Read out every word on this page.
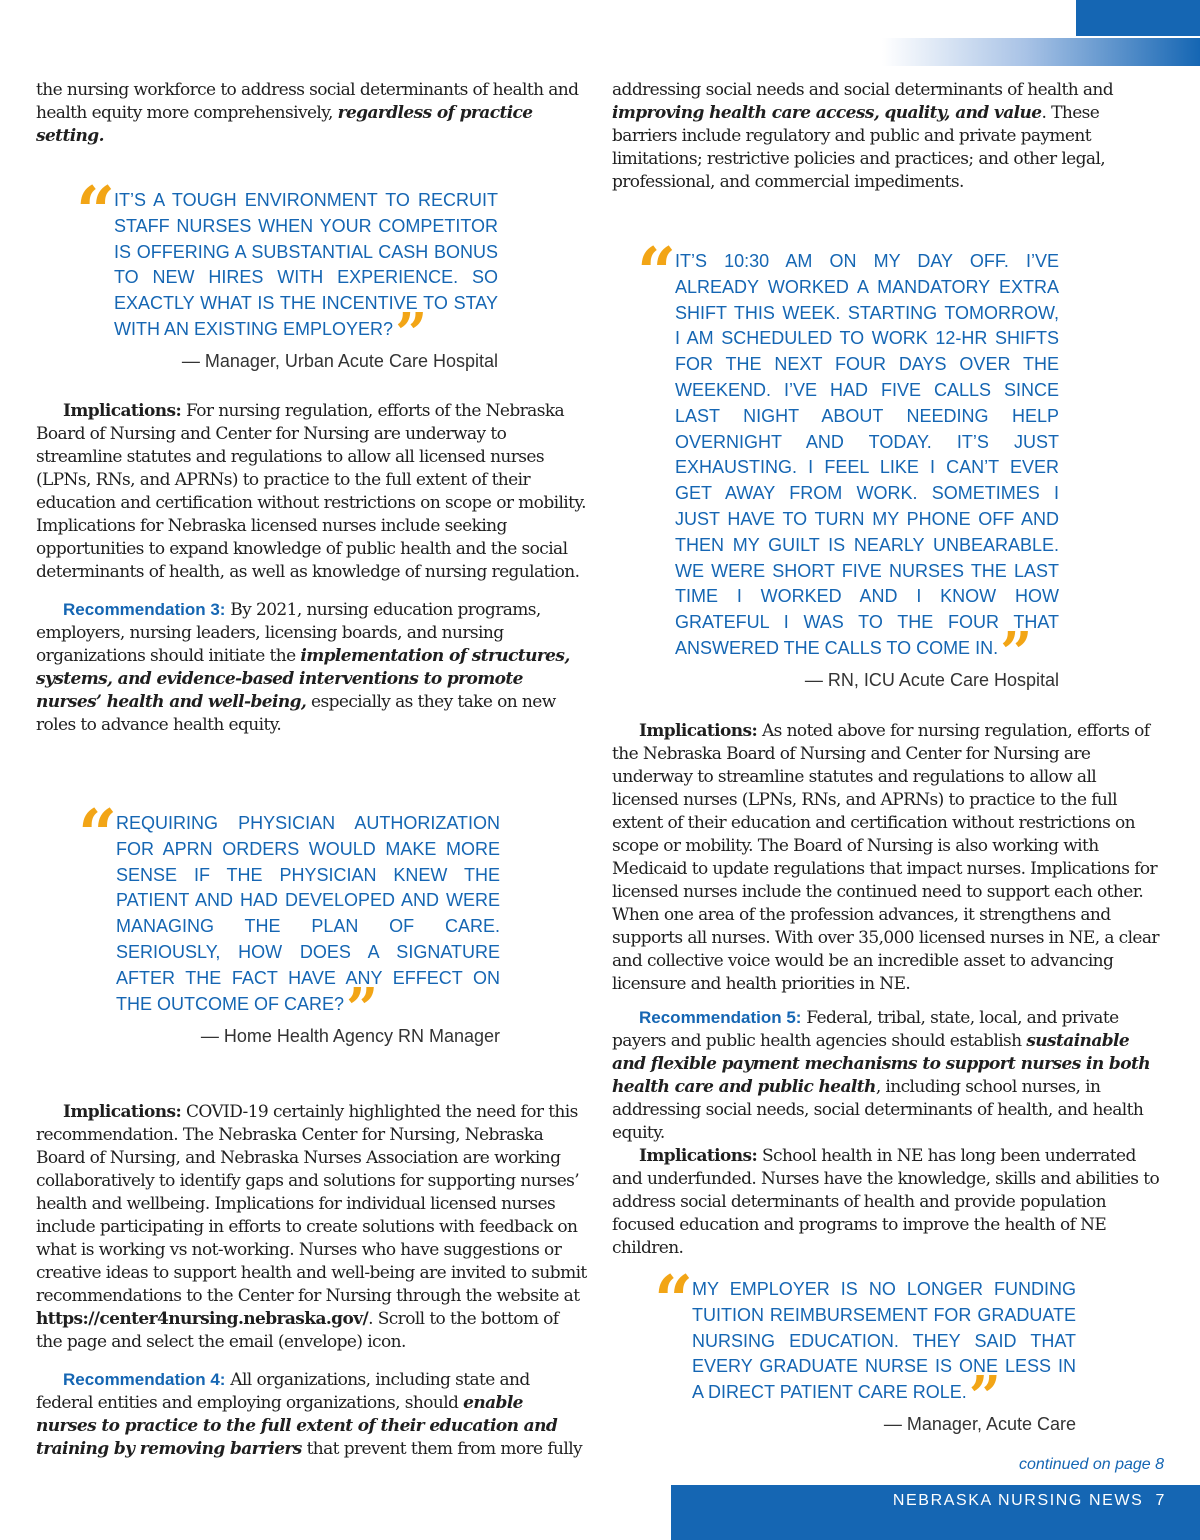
the nursing workforce to address social determinants of health and health equity more comprehensively, regardless of practice setting.

“

IT’S A TOUGH ENVIRONMENT TO RECRUIT STAFF NURSES WHEN YOUR COMPETITOR IS OFFERING A SUBSTANTIAL CASH BONUS TO NEW HIRES WITH EXPERIENCE. SO EXACTLY WHAT IS THE INCENTIVE TO STAY WITH AN EXISTING EMPLOYER?”

— Manager, Urban Acute Care Hospital

Implications: For nursing regulation, efforts of the Nebraska Board of Nursing and Center for Nursing are underway to streamline statutes and regulations to allow all licensed nurses (LPNs, RNs, and APRNs) to practice to the full extent of their education and certification without restrictions on scope or mobility. Implications for Nebraska licensed nurses include seeking opportunities to expand knowledge of public health and the social determinants of health, as well as knowledge of nursing regulation.

Recommendation 3: By 2021, nursing education programs, employers, nursing leaders, licensing boards, and nursing organizations should initiate the implementation of structures, systems, and evidence-based interventions to promote nurses’ health and well-being, especially as they take on new roles to advance health equity.

“

REQUIRING PHYSICIAN AUTHORIZATION FOR APRN ORDERS WOULD MAKE MORE SENSE IF THE PHYSICIAN KNEW THE PATIENT AND HAD DEVELOPED AND WERE MANAGING THE PLAN OF CARE. SERIOUSLY, HOW DOES A SIGNATURE AFTER THE FACT HAVE ANY EFFECT ON THE OUTCOME OF CARE?”

— Home Health Agency RN Manager

Implications: COVID-19 certainly highlighted the need for this recommendation. The Nebraska Center for Nursing, Nebraska Board of Nursing, and Nebraska Nurses Association are working collaboratively to identify gaps and solutions for supporting nurses’ health and wellbeing. Implications for individual licensed nurses include participating in efforts to create solutions with feedback on what is working vs not-working. Nurses who have suggestions or creative ideas to support health and well-being are invited to submit recommendations to the Center for Nursing through the website at https://center4nursing.nebraska.gov/. Scroll to the bottom of the page and select the email (envelope) icon.

Recommendation 4: All organizations, including state and federal entities and employing organizations, should enable nurses to practice to the full extent of their education and training by removing barriers that prevent them from more fully

addressing social needs and social determinants of health and improving health care access, quality, and value. These barriers include regulatory and public and private payment limitations; restrictive policies and practices; and other legal, professional, and commercial impediments.

“

IT’S 10:30 AM ON MY DAY OFF. I’VE ALREADY WORKED A MANDATORY EXTRA SHIFT THIS WEEK. STARTING TOMORROW, I AM SCHEDULED TO WORK 12-HR SHIFTS FOR THE NEXT FOUR DAYS OVER THE WEEKEND. I’VE HAD FIVE CALLS SINCE LAST NIGHT ABOUT NEEDING HELP OVERNIGHT AND TODAY. IT’S JUST EXHAUSTING. I FEEL LIKE I CAN’T EVER GET AWAY FROM WORK. SOMETIMES I JUST HAVE TO TURN MY PHONE OFF AND THEN MY GUILT IS NEARLY UNBEARABLE. WE WERE SHORT FIVE NURSES THE LAST TIME I WORKED AND I KNOW HOW GRATEFUL I WAS TO THE FOUR THAT ANSWERED THE CALLS TO COME IN.”

— RN, ICU Acute Care Hospital

Implications: As noted above for nursing regulation, efforts of the Nebraska Board of Nursing and Center for Nursing are underway to streamline statutes and regulations to allow all licensed nurses (LPNs, RNs, and APRNs) to practice to the full extent of their education and certification without restrictions on scope or mobility. The Board of Nursing is also working with Medicaid to update regulations that impact nurses. Implications for licensed nurses include the continued need to support each other. When one area of the profession advances, it strengthens and supports all nurses. With over 35,000 licensed nurses in NE, a clear and collective voice would be an incredible asset to advancing licensure and health priorities in NE.

Recommendation 5: Federal, tribal, state, local, and private payers and public health agencies should establish sustainable and flexible payment mechanisms to support nurses in both health care and public health, including school nurses, in addressing social needs, social determinants of health, and health equity.

Implications: School health in NE has long been underrated and underfunded. Nurses have the knowledge, skills and abilities to address social determinants of health and provide population focused education and programs to improve the health of NE children.

“

MY EMPLOYER IS NO LONGER FUNDING TUITION REIMBURSEMENT FOR GRADUATE NURSING EDUCATION. THEY SAID THAT EVERY GRADUATE NURSE IS ONE LESS IN A DIRECT PATIENT CARE ROLE.”

— Manager, Acute Care

continued on page 8
NEBRASKA NURSING NEWS 7
